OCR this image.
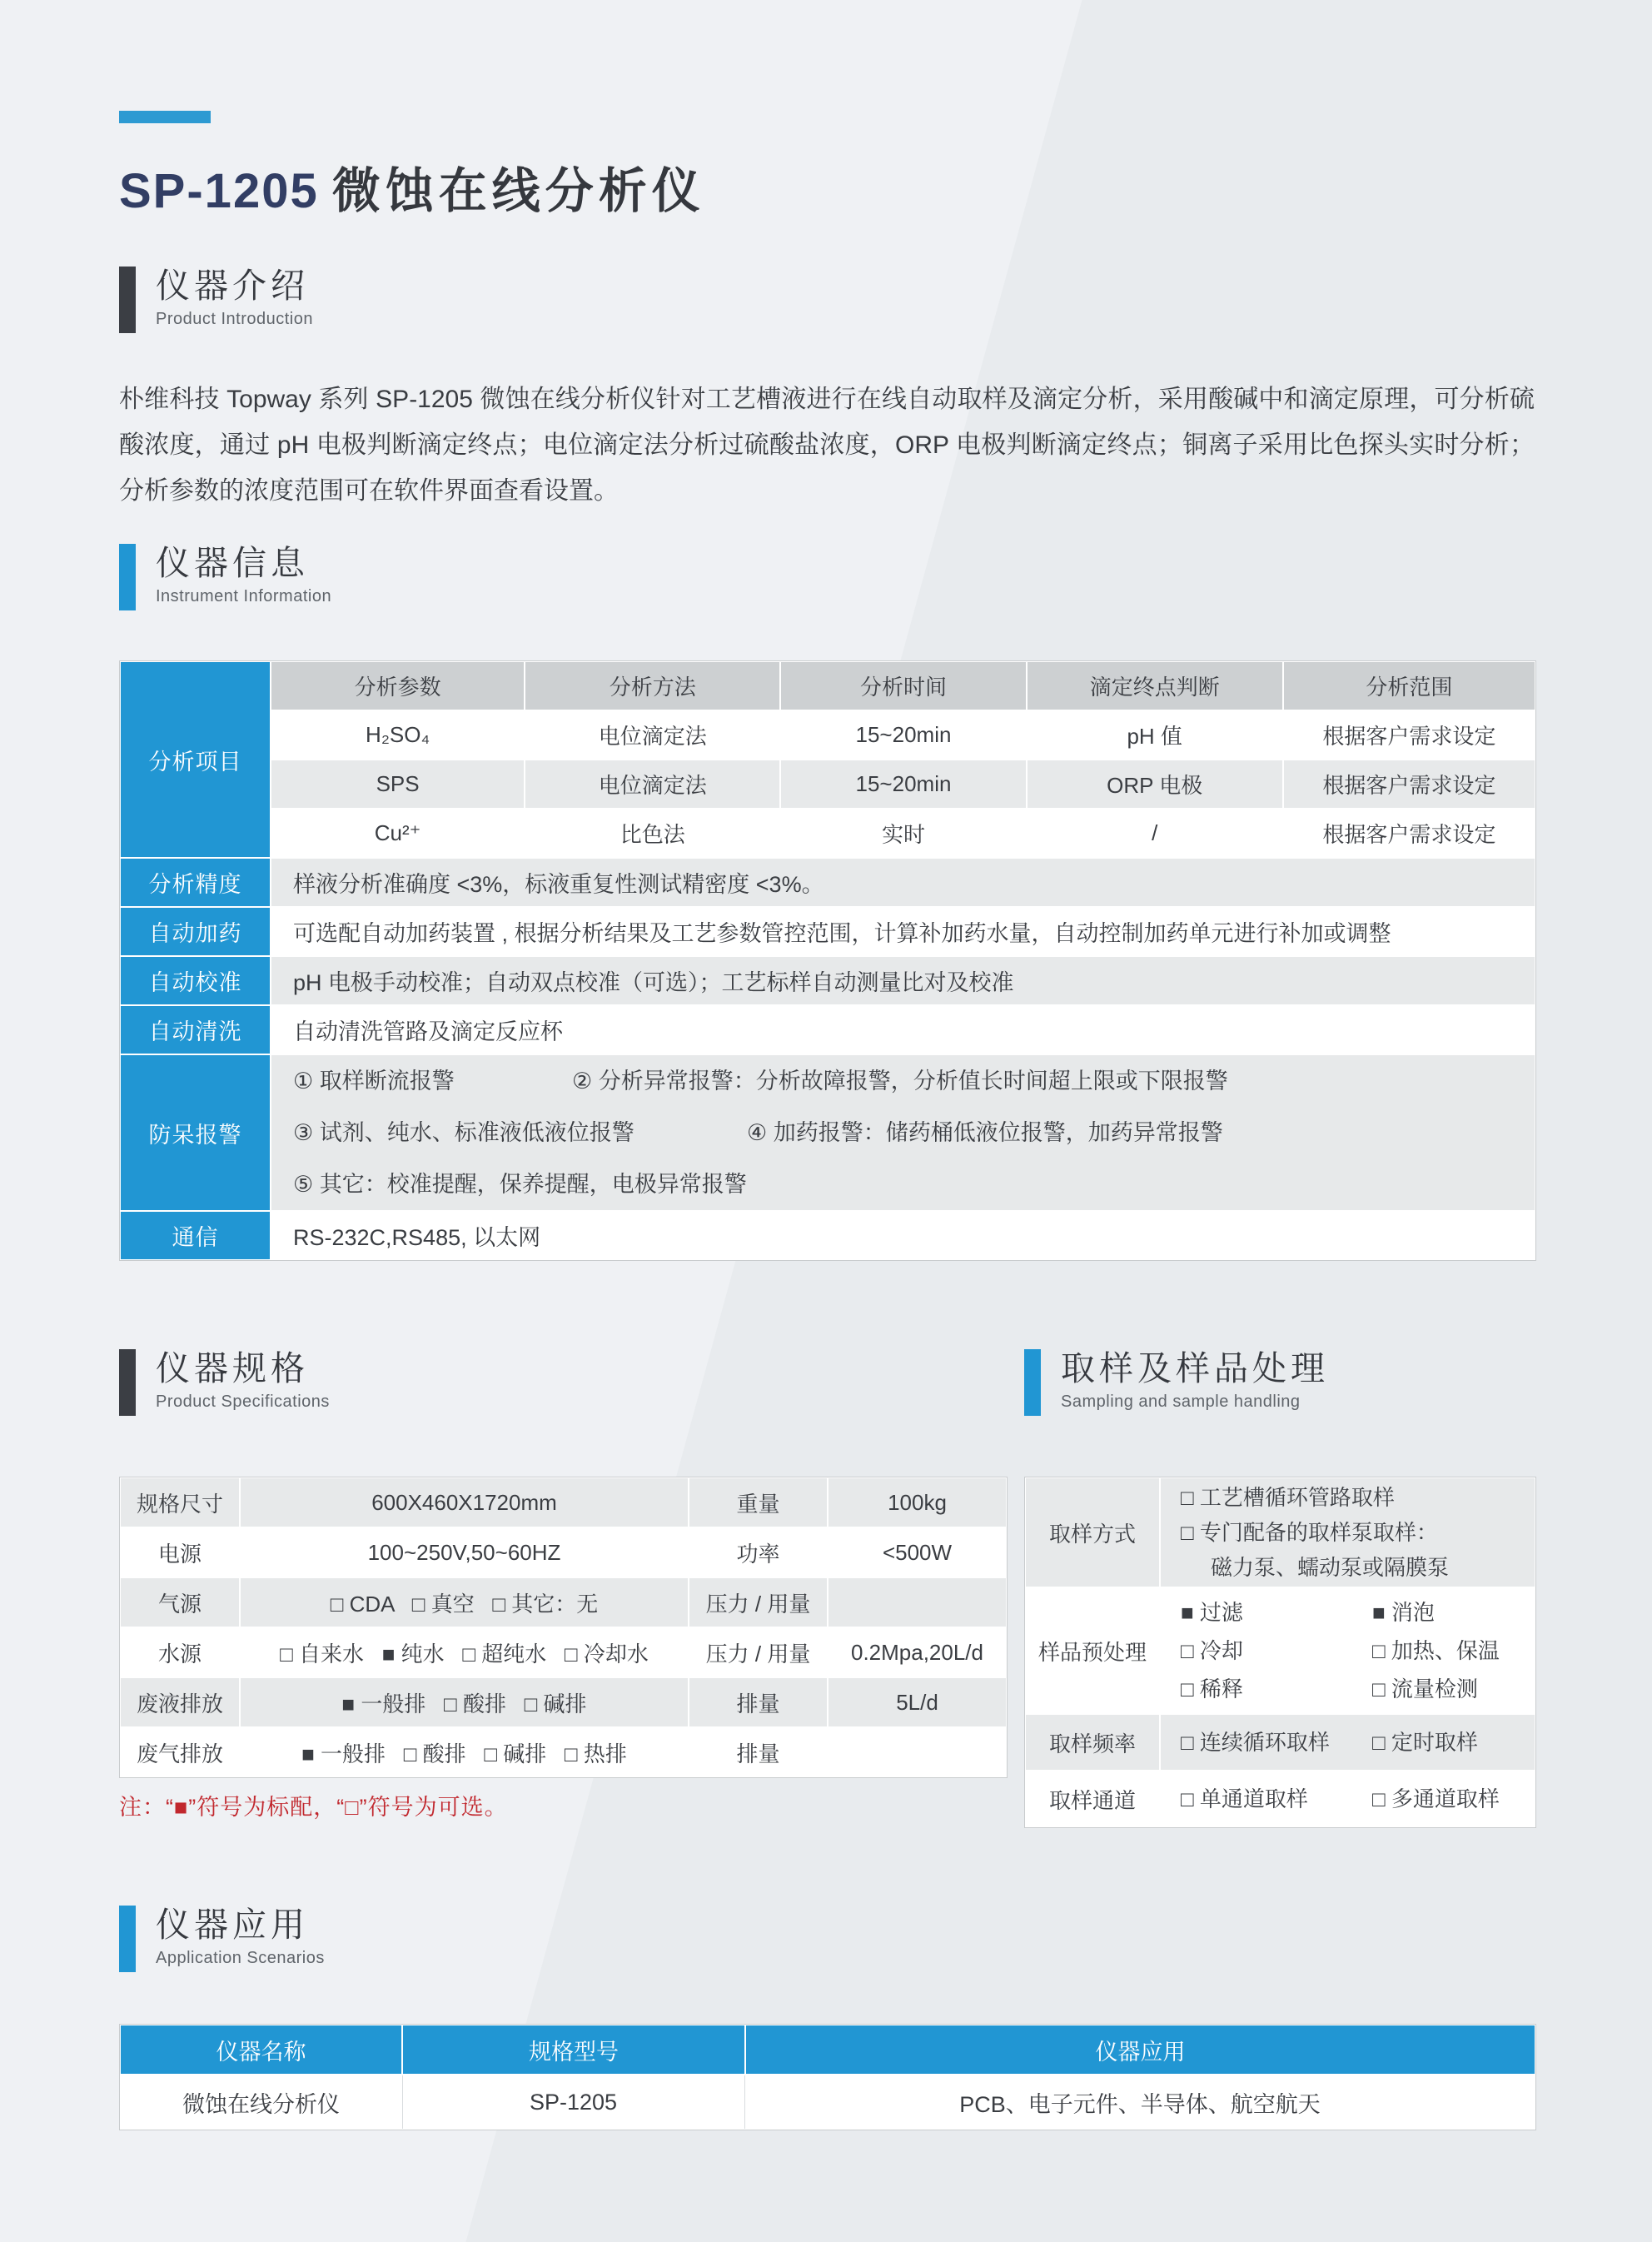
SP-1205 微蚀在线分析仪
仪器介绍
Product Introduction
朴维科技 Topway 系列 SP-1205 微蚀在线分析仪针对工艺槽液进行在线自动取样及滴定分析，采用酸碱中和滴定原理，可分析硫酸浓度，通过 pH 电极判断滴定终点；电位滴定法分析过硫酸盐浓度，ORP 电极判断滴定终点；铜离子采用比色探头实时分析；分析参数的浓度范围可在软件界面查看设置。
仪器信息
Instrument Information
分析项目
分析参数	分析方法	分析时间	滴定终点判断	分析范围
H₂SO₄	电位滴定法	15~20min	pH 值	根据客户需求设定
SPS	电位滴定法	15~20min	ORP 电极	根据客户需求设定
Cu²⁺	比色法	实时	/	根据客户需求设定
分析精度	样液分析准确度 <3%，标液重复性测试精密度 <3%。
自动加药	可选配自动加药装置 , 根据分析结果及工艺参数管控范围，计算补加药水量，自动控制加药单元进行补加或调整
自动校准	pH 电极手动校准；自动双点校准（可选）；工艺标样自动测量比对及校准
自动清洗	自动清洗管路及滴定反应杯
防呆报警
① 取样断流报警	② 分析异常报警：分析故障报警，分析值长时间超上限或下限报警
③ 试剂、纯水、标准液低液位报警	④ 加药报警：储药桶低液位报警，加药异常报警
⑤ 其它：校准提醒，保养提醒，电极异常报警
通信	RS-232C,RS485, 以太网
仪器规格
Product Specifications
取样及样品处理
Sampling and sample handling
规格尺寸	600X460X1720mm	重量	100kg
电源	100~250V,50~60HZ	功率	<500W
气源	□ CDA   □ 真空   □ 其它：无	压力 / 用量
水源	□ 自来水   ■ 纯水   □ 超纯水   □ 冷却水	压力 / 用量	0.2Mpa,20L/d
废液排放	■ 一般排   □ 酸排   □ 碱排	排量	5L/d
废气排放	■ 一般排   □ 酸排   □ 碱排   □ 热排	排量
取样方式
□ 工艺槽循环管路取样
□ 专门配备的取样泵取样：
磁力泵、蠕动泵或隔膜泵
样品预处理
■ 过滤	■ 消泡
□ 冷却	□ 加热、保温
□ 稀释	□ 流量检测
取样频率	□ 连续循环取样	□ 定时取样
取样通道	□ 单通道取样	□ 多通道取样
注：“■”符号为标配，“□”符号为可选。
仪器应用
Application Scenarios
仪器名称	规格型号	仪器应用
微蚀在线分析仪	SP-1205	PCB、电子元件、半导体、航空航天
